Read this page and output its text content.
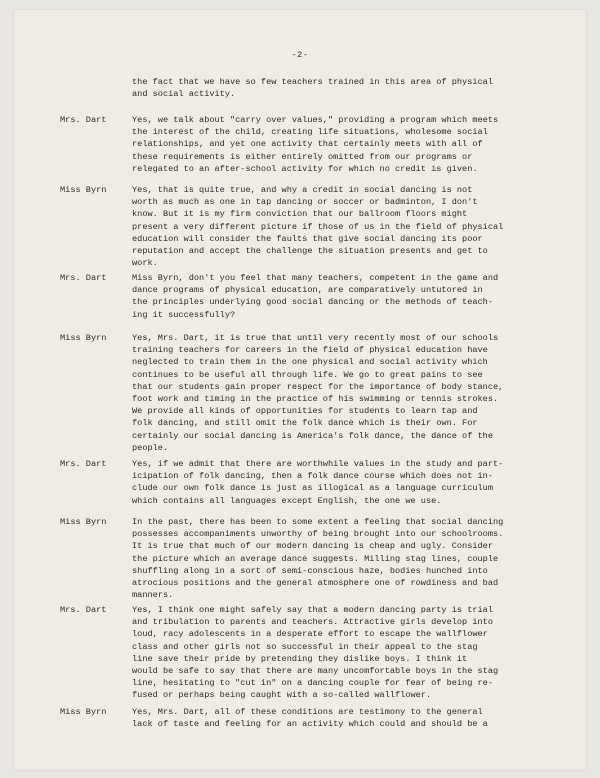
-2-
the fact that we have so few teachers trained in this area of physical
and social activity.
Mrs. Dart	Yes, we talk about "carry over values," providing a program which meets
the interest of the child, creating life situations, wholesome social
relationships, and yet one activity that certainly meets with all of
these requirements is either entirely omitted from our programs or
relegated to an after-school activity for which no credit is given.
Miss Byrn	Yes, that is quite true, and why a credit in social dancing is not
worth as much as one in tap dancing or soccer or badminton, I don't
know. But it is my firm conviction that our ballroom floors might
present a very different picture if those of us in the field of physical
education will consider the faults that give social dancing its poor
reputation and accept the challenge the situation presents and get to
work.
Mrs. Dart	Miss Byrn, don't you feel that many teachers, competent in the game and
dance programs of physical education, are comparatively untutored in
the principles underlying good social dancing or the methods of teach-
ing it successfully?
Miss Byrn	Yes, Mrs. Dart, it is true that until very recently most of our schools
training teachers for careers in the field of physical education have
neglected to train them in the one physical and social activity which
continues to be useful all through life. We go to great pains to see
that our students gain proper respect for the importance of body stance,
foot work and timing in the practice of his swimming or tennis strokes.
We provide all kinds of opportunities for students to learn tap and
folk dancing, and still omit the folk dance which is their own. For
certainly our social dancing is America's folk dance, the dance of the
people.
Mrs. Dart	Yes, if we admit that there are worthwhile values in the study and part-
icipation of folk dancing, then a folk dance course which does not in-
clude our own folk dance is just as illogical as a language curriculum
which contains all languages except English, the one we use.
Miss Byrn	In the past, there has been to some extent a feeling that social dancing
possesses accompaniments unworthy of being brought into our schoolrooms.
It is true that much of our modern dancing is cheap and ugly. Consider
the picture which an average dance suggests. Milling stag lines, couple
shuffling along in a sort of semi-conscious haze, bodies hunched into
atrocious positions and the general atmosphere one of rowdiness and bad
manners.
Mrs. Dart	Yes, I think one might safely say that a modern dancing party is trial
and tribulation to parents and teachers. Attractive girls develop into
loud, racy adolescents in a desperate effort to escape the wallflower
class and other girls not so successful in their appeal to the stag
line save their pride by pretending they dislike boys. I think it
would be safe to say that there are many uncomfortable boys in the stag
line, hesitating to "cut in" on a dancing couple for fear of being re-
fused or perhaps being caught with a so-called wallflower.
Miss Byrn	Yes, Mrs. Dart, all of these conditions are testimony to the general
lack of taste and feeling for an activity which could and should be a
